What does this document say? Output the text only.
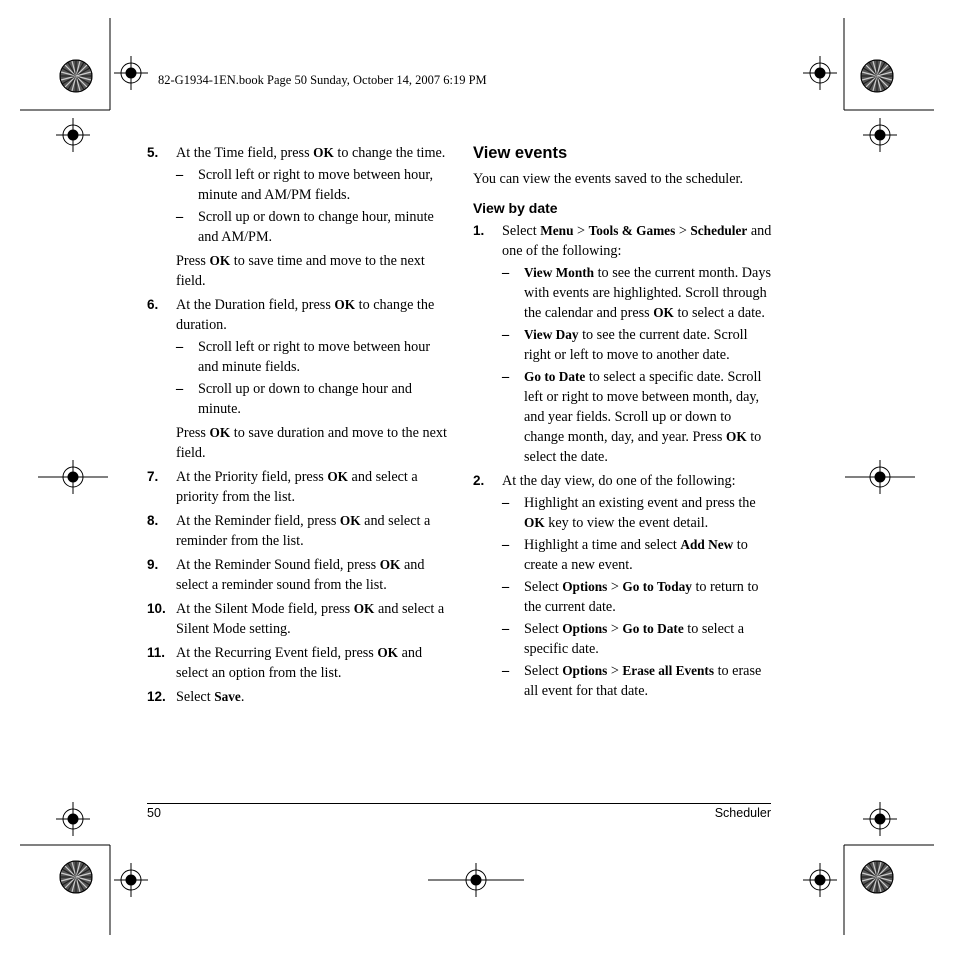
82-G1934-1EN.book Page 50 Sunday, October 14, 2007 6:19 PM
5. At the Time field, press OK to change the time.
– Scroll left or right to move between hour, minute and AM/PM fields.
– Scroll up or down to change hour, minute and AM/PM.
Press OK to save time and move to the next field.
6. At the Duration field, press OK to change the duration.
– Scroll left or right to move between hour and minute fields.
– Scroll up or down to change hour and minute.
Press OK to save duration and move to the next field.
7. At the Priority field, press OK and select a priority from the list.
8. At the Reminder field, press OK and select a reminder from the list.
9. At the Reminder Sound field, press OK and select a reminder sound from the list.
10. At the Silent Mode field, press OK and select a Silent Mode setting.
11. At the Recurring Event field, press OK and select an option from the list.
12. Select Save.
View events
You can view the events saved to the scheduler.
View by date
1. Select Menu > Tools & Games > Scheduler and one of the following:
– View Month to see the current month. Days with events are highlighted. Scroll through the calendar and press OK to select a date.
– View Day to see the current date. Scroll right or left to move to another date.
– Go to Date to select a specific date. Scroll left or right to move between month, day, and year fields. Scroll up or down to change month, day, and year. Press OK to select the date.
2. At the day view, do one of the following:
– Highlight an existing event and press the OK key to view the event detail.
– Highlight a time and select Add New to create a new event.
– Select Options > Go to Today to return to the current date.
– Select Options > Go to Date to select a specific date.
– Select Options > Erase all Events to erase all event for that date.
50	Scheduler
